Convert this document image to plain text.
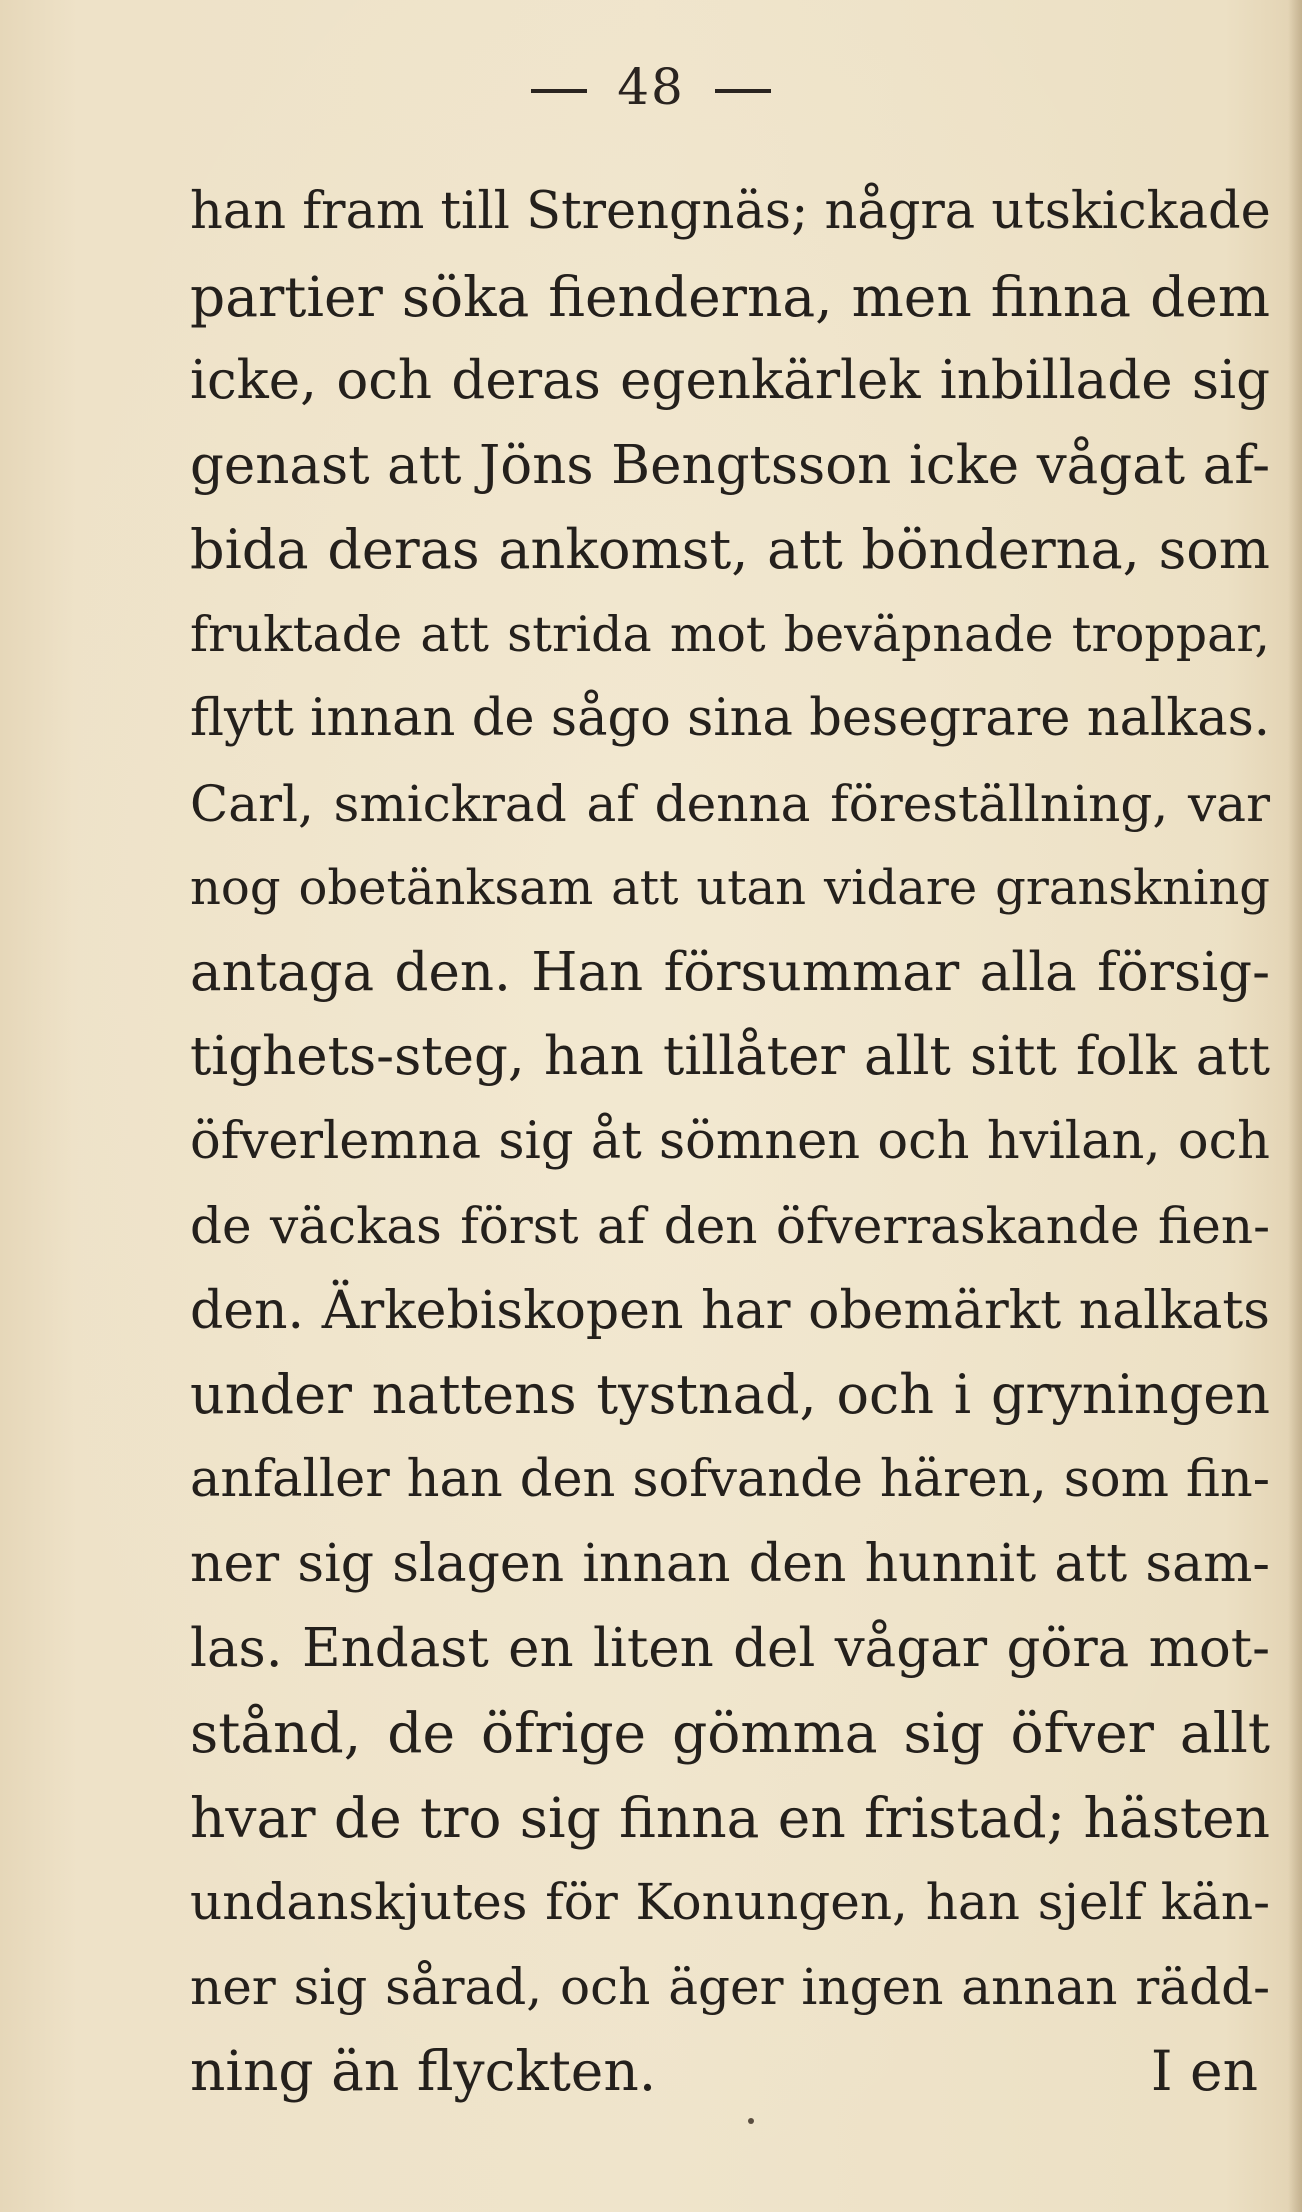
48
han fram till Strengnäs; några utskickade
partier söka fienderna, men finna dem
icke, och deras egenkärlek inbillade sig
genast att Jöns Bengtsson icke vågat af-
bida deras ankomst, att bönderna, som
fruktade att strida mot beväpnade troppar,
flytt innan de sågo sina besegrare nalkas.
Carl, smickrad af denna föreställning, var
nog obetänksam att utan vidare granskning
antaga den. Han försummar alla försig-
tighets-steg, han tillåter allt sitt folk att
öfverlemna sig åt sömnen och hvilan, och
de väckas först af den öfverraskande fien-
den. Ärkebiskopen har obemärkt nalkats
under nattens tystnad, och i gryningen
anfaller han den sofvande hären, som fin-
ner sig slagen innan den hunnit att sam-
las. Endast en liten del vågar göra mot-
stånd, de öfrige gömma sig öfver allt
hvar de tro sig finna en fristad; hästen
undanskjutes för Konungen, han sjelf kän-
ner sig sårad, och äger ingen annan rädd-
ning än flyckten.	I en
